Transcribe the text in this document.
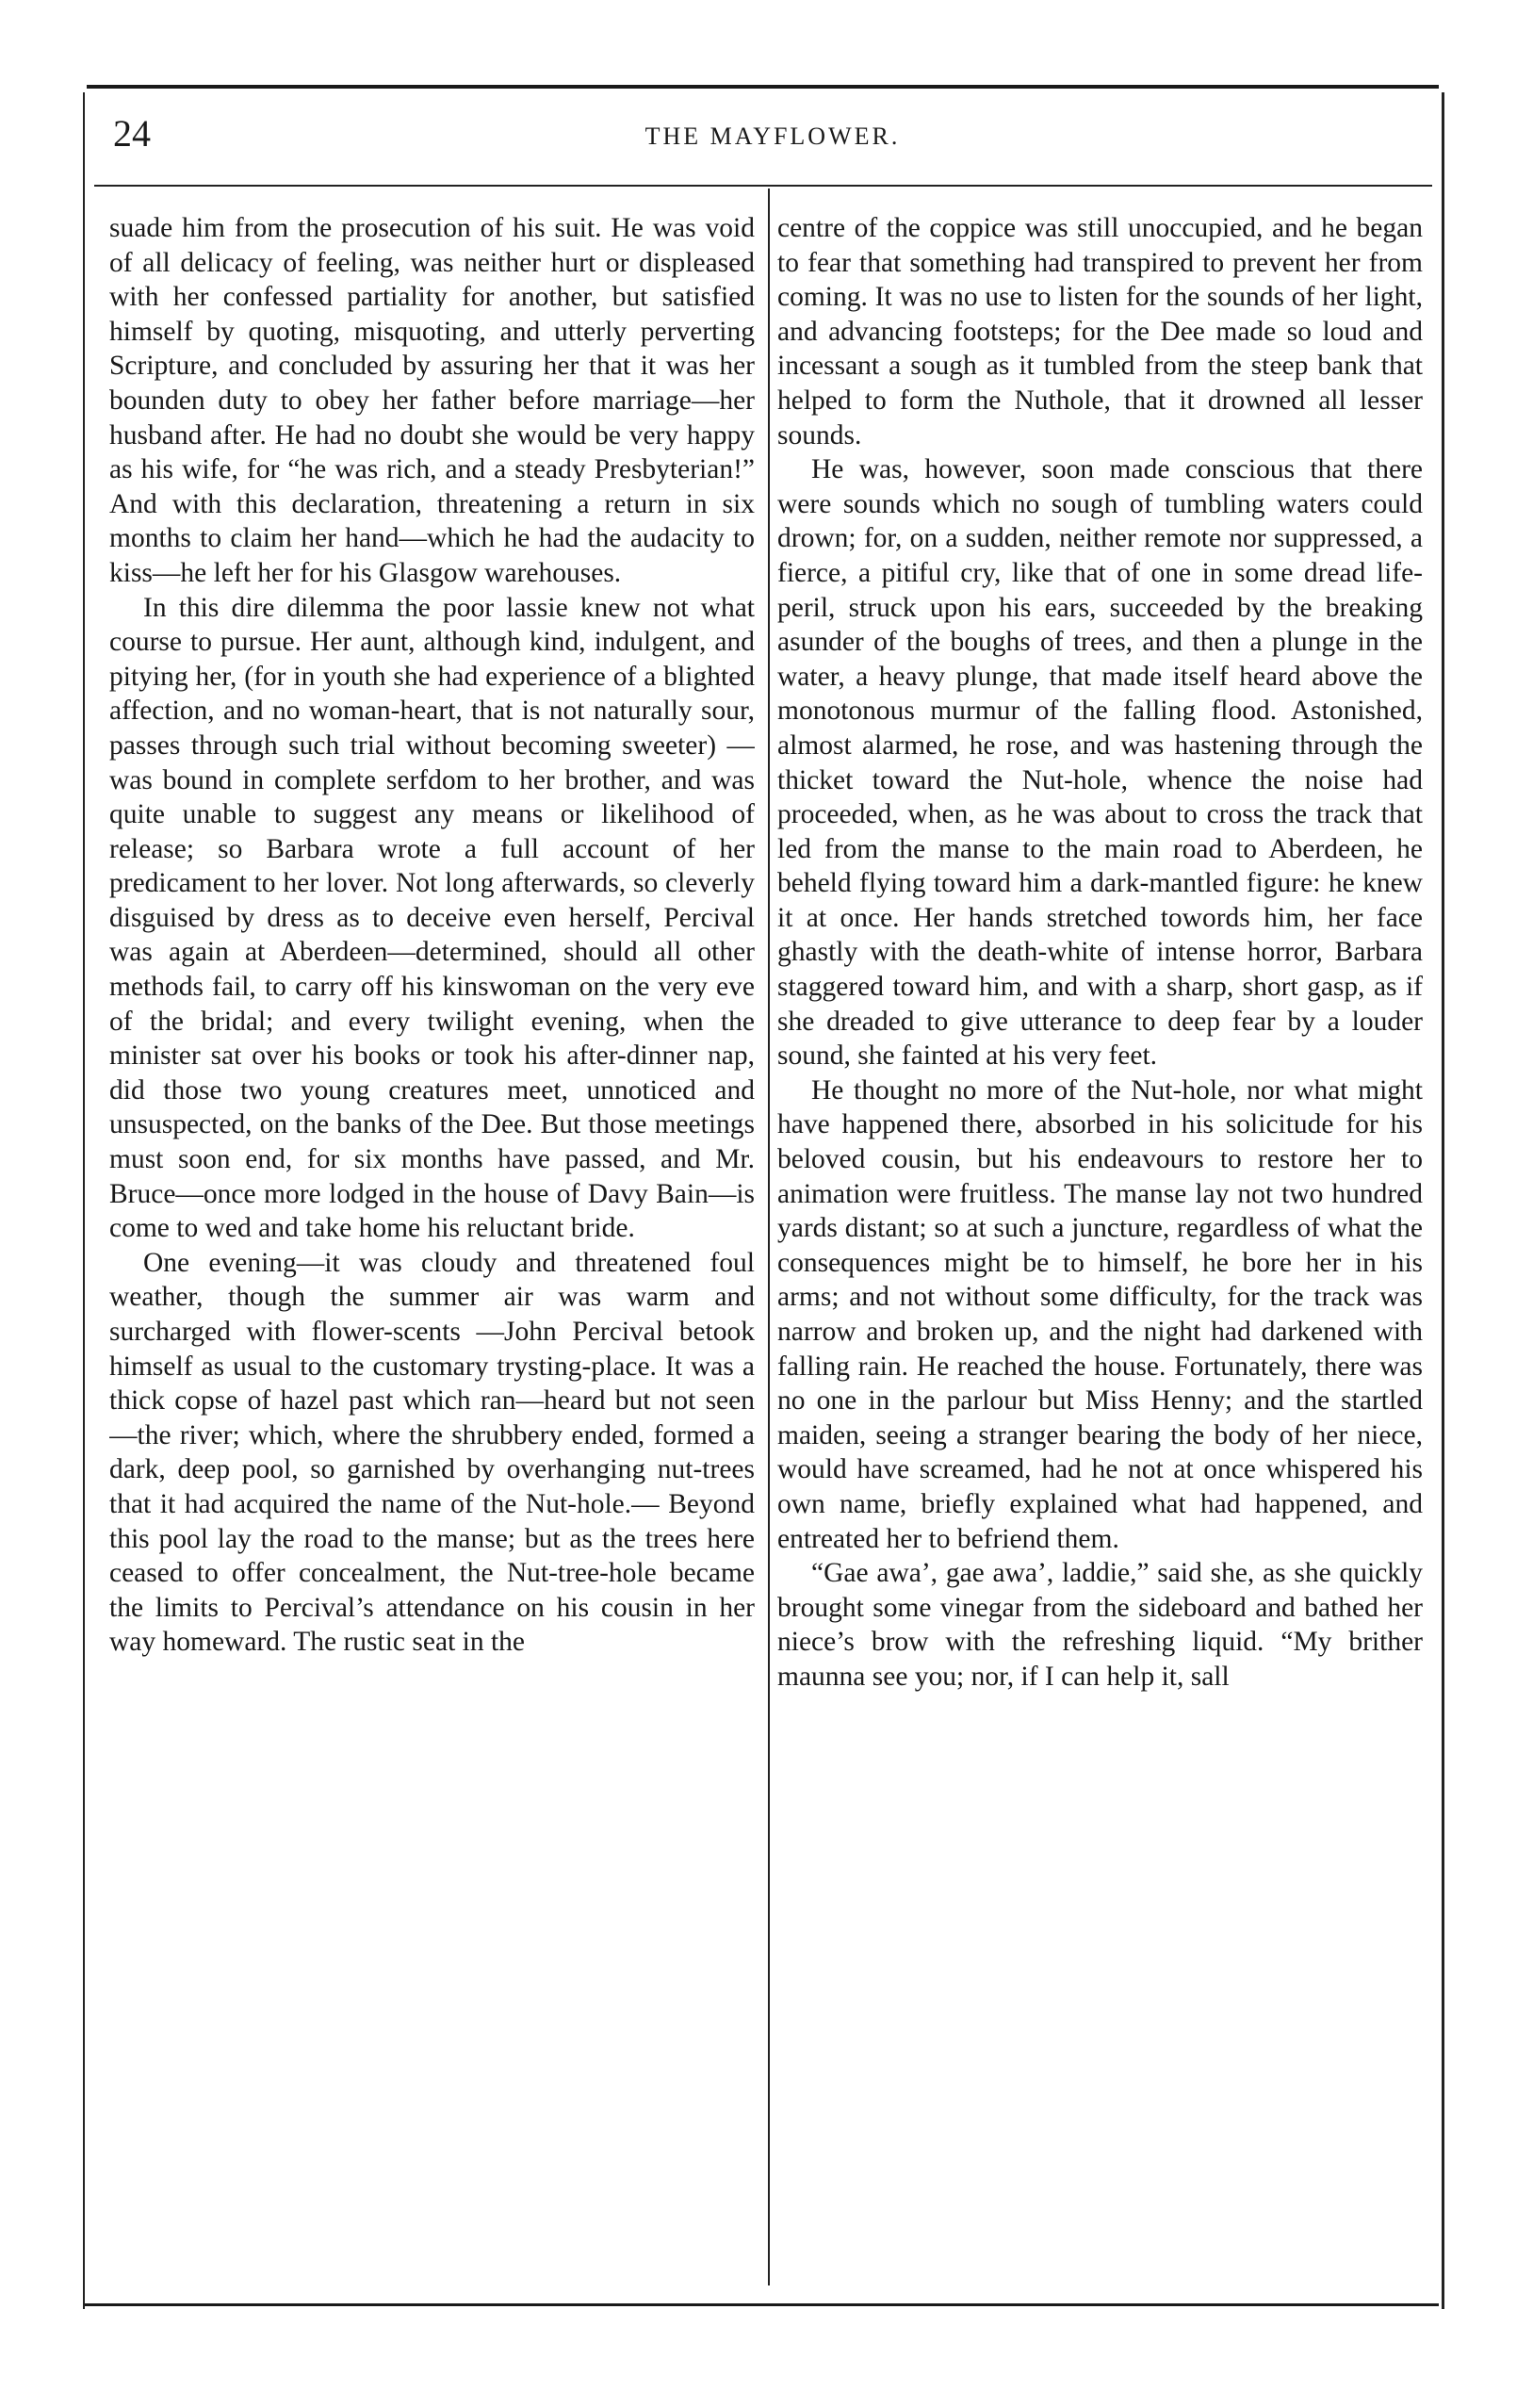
24	THE MAYFLOWER.

suade him from the prosecution of his suit. He was void of all delicacy of feeling, was neither hurt or displeased with her confessed partiality for another, but satisfied himself by quoting, misquoting, and utterly perverting Scripture, and concluded by assuring her that it was her bounden duty to obey her father before marriage—her husband after. He had no doubt she would be very happy as his wife, for “he was rich, and a steady Presbyterian!” And with this declaration, threatening a return in six months to claim her hand—which he had the audacity to kiss—he left her for his Glasgow warehouses.

In this dire dilemma the poor lassie knew not what course to pursue. Her aunt, although kind, indulgent, and pitying her, (for in youth she had experience of a blighted affection, and no woman-heart, that is not naturally sour, passes through such trial without becoming sweeter) — was bound in complete serfdom to her brother, and was quite unable to suggest any means or likelihood of release; so Barbara wrote a full account of her predicament to her lover. Not long afterwards, so cleverly disguised by dress as to deceive even herself, Percival was again at Aberdeen—determined, should all other methods fail, to carry off his kinswoman on the very eve of the bridal; and every twilight evening, when the minister sat over his books or took his after-dinner nap, did those two young creatures meet, unnoticed and unsuspected, on the banks of the Dee. But those meetings must soon end, for six months have passed, and Mr. Bruce—once more lodged in the house of Davy Bain—is come to wed and take home his reluctant bride.

One evening—it was cloudy and threatened foul weather, though the summer air was warm and surcharged with flower-scents —John Percival betook himself as usual to the customary trysting-place. It was a thick copse of hazel past which ran—heard but not seen—the river; which, where the shrubbery ended, formed a dark, deep pool, so garnished by overhanging nut-trees that it had acquired the name of the Nut-hole.— Beyond this pool lay the road to the manse; but as the trees here ceased to offer concealment, the Nut-tree-hole became the limits to Percival’s attendance on his cousin in her way homeward. The rustic seat in the

centre of the coppice was still unoccupied, and he began to fear that something had transpired to prevent her from coming. It was no use to listen for the sounds of her light, and advancing footsteps; for the Dee made so loud and incessant a sough as it tumbled from the steep bank that helped to form the Nuthole, that it drowned all lesser sounds.

He was, however, soon made conscious that there were sounds which no sough of tumbling waters could drown; for, on a sudden, neither remote nor suppressed, a fierce, a pitiful cry, like that of one in some dread life-peril, struck upon his ears, succeeded by the breaking asunder of the boughs of trees, and then a plunge in the water, a heavy plunge, that made itself heard above the monotonous murmur of the falling flood. Astonished, almost alarmed, he rose, and was hastening through the thicket toward the Nut-hole, whence the noise had proceeded, when, as he was about to cross the track that led from the manse to the main road to Aberdeen, he beheld flying toward him a dark-mantled figure: he knew it at once. Her hands stretched towords him, her face ghastly with the death-white of intense horror, Barbara staggered toward him, and with a sharp, short gasp, as if she dreaded to give utterance to deep fear by a louder sound, she fainted at his very feet.

He thought no more of the Nut-hole, nor what might have happened there, absorbed in his solicitude for his beloved cousin, but his endeavours to restore her to animation were fruitless. The manse lay not two hundred yards distant; so at such a juncture, regardless of what the consequences might be to himself, he bore her in his arms; and not without some difficulty, for the track was narrow and broken up, and the night had darkened with falling rain. He reached the house. Fortunately, there was no one in the parlour but Miss Henny; and the startled maiden, seeing a stranger bearing the body of her niece, would have screamed, had he not at once whispered his own name, briefly explained what had happened, and entreated her to befriend them.

“Gae awa’, gae awa’, laddie,” said she, as she quickly brought some vinegar from the sideboard and bathed her niece’s brow with the refreshing liquid. “My brither maunna see you; nor, if I can help it, sall
